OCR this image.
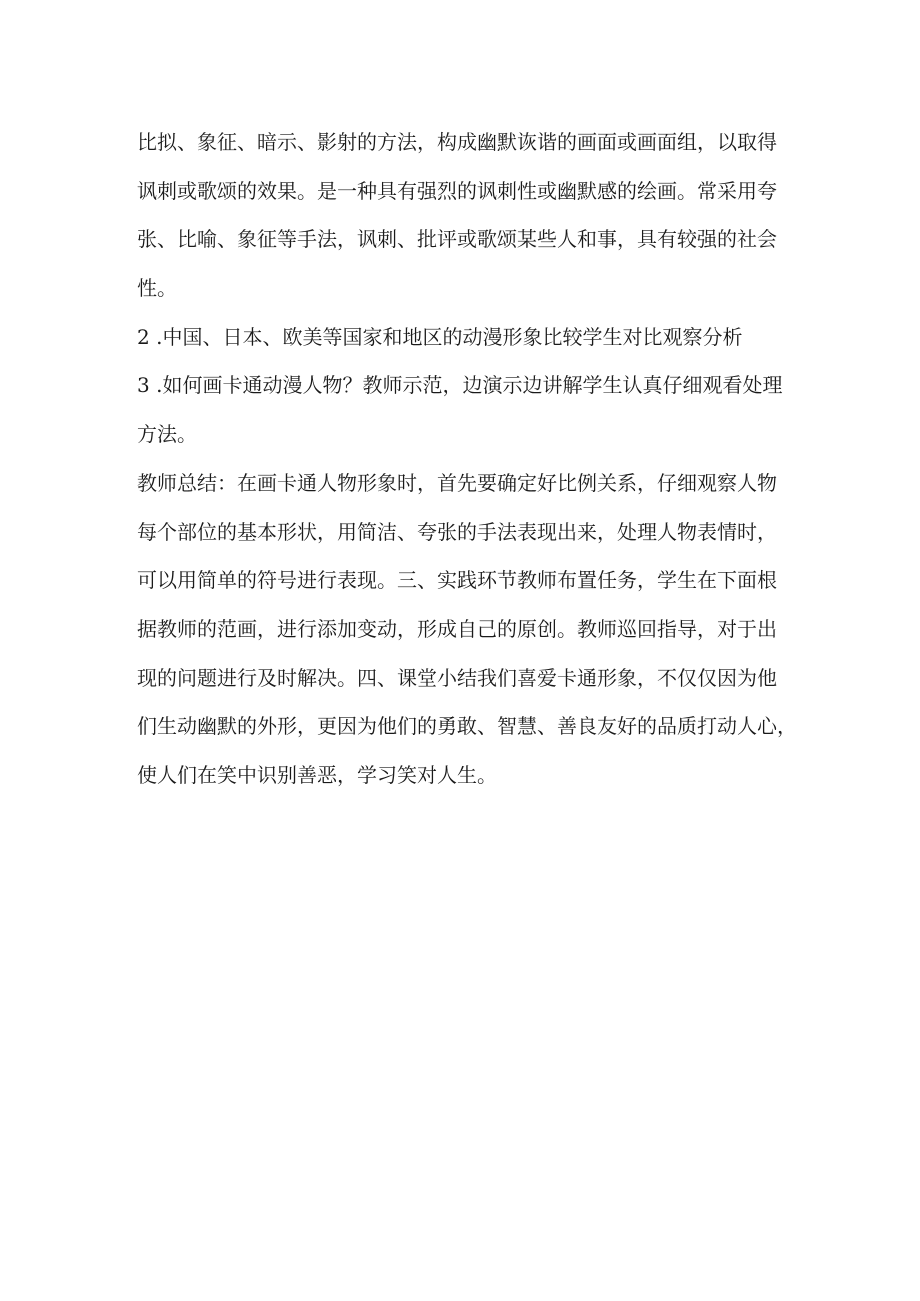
比拟、象征、暗示、影射的方法，构成幽默诙谐的画面或画面组，以取得
讽刺或歌颂的效果。是一种具有强烈的讽刺性或幽默感的绘画。常采用夸
张、比喻、象征等手法，讽刺、批评或歌颂某些人和事，具有较强的社会
性。
2 .中国、日本、欧美等国家和地区的动漫形象比较学生对比观察分析
3 .如何画卡通动漫人物？教师示范，边演示边讲解学生认真仔细观看处理
方法。
教师总结：在画卡通人物形象时，首先要确定好比例关系，仔细观察人物
每个部位的基本形状，用简洁、夸张的手法表现出来，处理人物表情时，
可以用简单的符号进行表现。三、实践环节教师布置任务，学生在下面根
据教师的范画，进行添加变动，形成自己的原创。教师巡回指导，对于出
现的问题进行及时解决。四、课堂小结我们喜爱卡通形象，不仅仅因为他
们生动幽默的外形，更因为他们的勇敢、智慧、善良友好的品质打动人心，
使人们在笑中识别善恶，学习笑对人生。
